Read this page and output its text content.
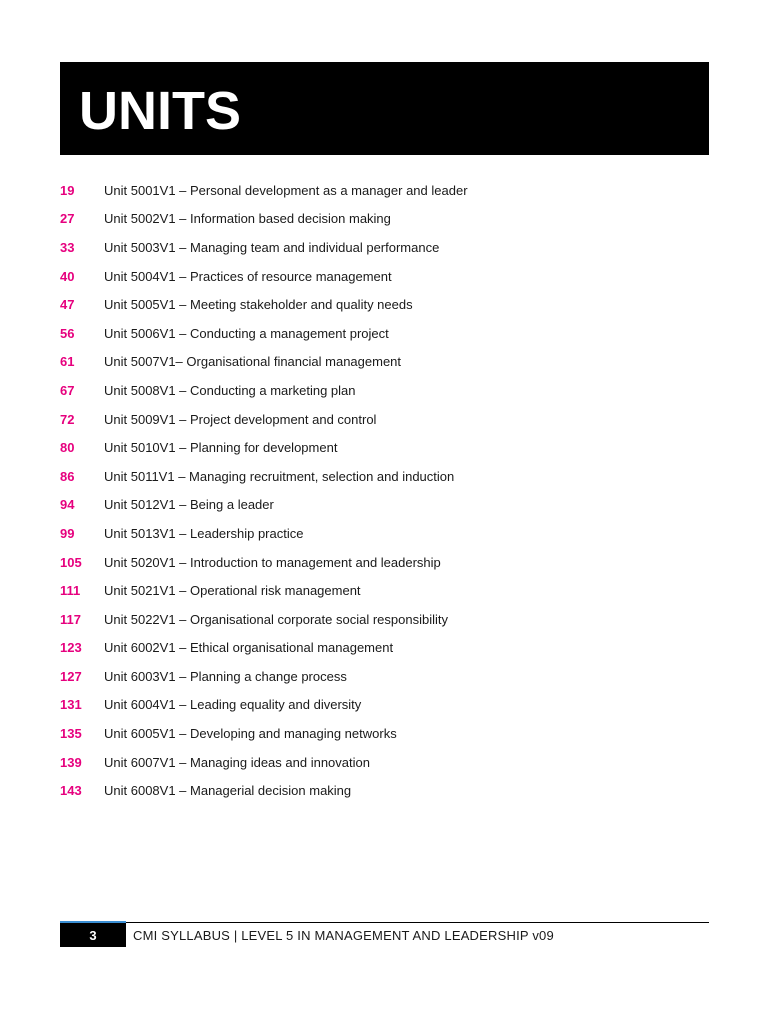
UNITS
19	Unit 5001V1 – Personal development as a manager and leader
27	Unit 5002V1 – Information based decision making
33	Unit 5003V1 – Managing team and individual performance
40	Unit 5004V1 – Practices of resource management
47	Unit 5005V1 – Meeting stakeholder and quality needs
56	Unit 5006V1 – Conducting a management project
61	Unit 5007V1– Organisational financial management
67	Unit 5008V1 – Conducting a marketing plan
72	Unit 5009V1 – Project development and control
80	Unit 5010V1 – Planning for development
86	Unit 5011V1 – Managing recruitment, selection and induction
94	Unit 5012V1 – Being a leader
99	Unit 5013V1 – Leadership practice
105	Unit 5020V1 – Introduction to management and leadership
111	Unit 5021V1 – Operational risk management
117	Unit 5022V1 – Organisational corporate social responsibility
123	Unit 6002V1 – Ethical organisational management
127	Unit 6003V1 – Planning a change process
131	Unit 6004V1 – Leading equality and diversity
135	Unit 6005V1 – Developing and managing networks
139	Unit 6007V1 – Managing ideas and innovation
143	Unit 6008V1 – Managerial decision making
3	CMI SYLLABUS | LEVEL 5 IN MANAGEMENT AND LEADERSHIP v09
